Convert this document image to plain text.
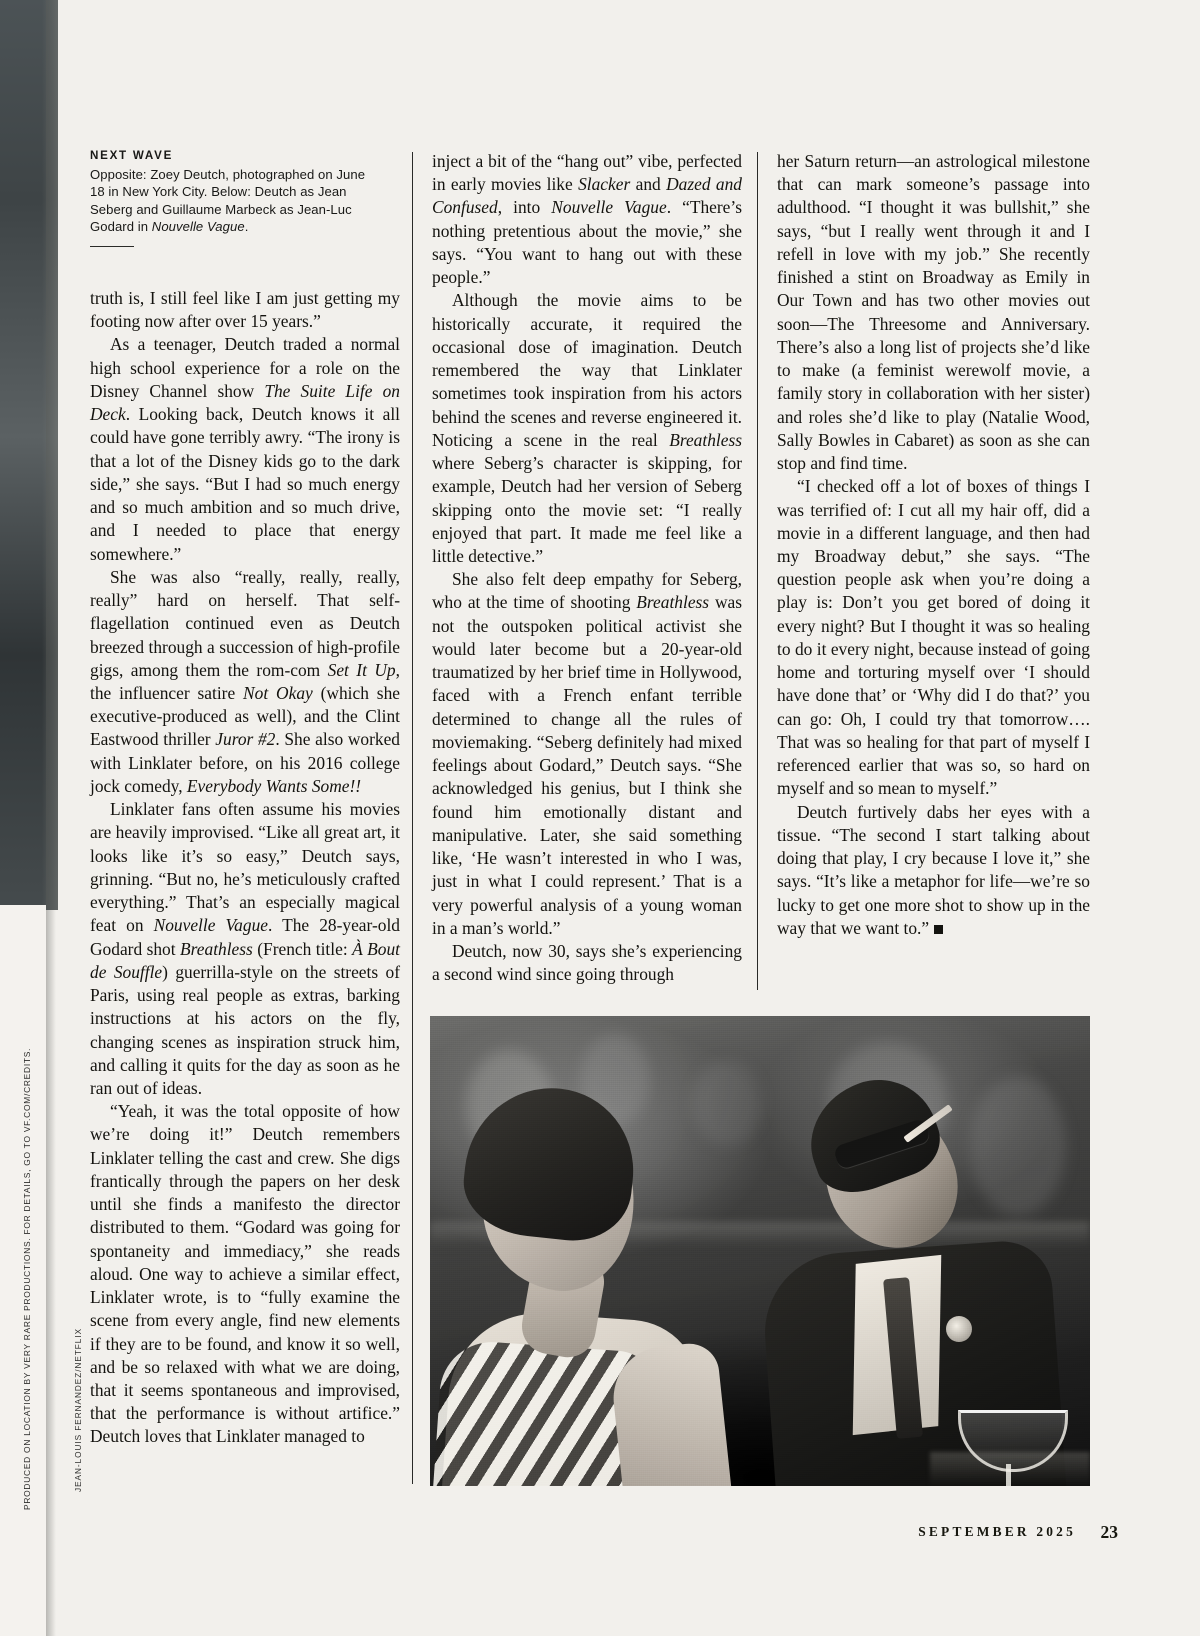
PRODUCED ON LOCATION BY VERY RARE PRODUCTIONS. FOR DETAILS, GO TO VF.COM/CREDITS.	JEAN-LOUIS FERNANDEZ/NETFLIX
NEXT WAVE
Opposite: Zoey Deutch, photographed on June 18 in New York City. Below: Deutch as Jean Seberg and Guillaume Marbeck as Jean-Luc Godard in Nouvelle Vague.

truth is, I still feel like I am just getting my footing now after over 15 years.”

As a teenager, Deutch traded a normal high school experience for a role on the Disney Channel show The Suite Life on Deck. Looking back, Deutch knows it all could have gone terribly awry. “The irony is that a lot of the Disney kids go to the dark side,” she says. “But I had so much energy and so much ambition and so much drive, and I needed to place that energy somewhere.”

She was also “really, really, really, really” hard on herself. That self-flagellation continued even as Deutch breezed through a succession of high-profile gigs, among them the rom-com Set It Up, the influencer satire Not Okay (which she executive-produced as well), and the Clint Eastwood thriller Juror #2. She also worked with Linklater before, on his 2016 college jock comedy, Everybody Wants Some!!

Linklater fans often assume his movies are heavily improvised. “Like all great art, it looks like it’s so easy,” Deutch says, grinning. “But no, he’s meticulously crafted everything.” That’s an especially magical feat on Nouvelle Vague. The 28-year-old Godard shot Breathless (French title: À Bout de Souffle) guerrilla-style on the streets of Paris, using real people as extras, barking instructions at his actors on the fly, changing scenes as inspiration struck him, and calling it quits for the day as soon as he ran out of ideas.

“Yeah, it was the total opposite of how we’re doing it!” Deutch remembers Linklater telling the cast and crew. She digs frantically through the papers on her desk until she finds a manifesto the director distributed to them. “Godard was going for spontaneity and immediacy,” she reads aloud. One way to achieve a similar effect, Linklater wrote, is to “fully examine the scene from every angle, find new elements if they are to be found, and know it so well, and be so relaxed with what we are doing, that it seems spontaneous and improvised, that the performance is without artifice.” Deutch loves that Linklater managed to

inject a bit of the “hang out” vibe, perfected in early movies like Slacker and Dazed and Confused, into Nouvelle Vague. “There’s nothing pretentious about the movie,” she says. “You want to hang out with these people.”

Although the movie aims to be historically accurate, it required the occasional dose of imagination. Deutch remembered the way that Linklater sometimes took inspiration from his actors behind the scenes and reverse engineered it. Noticing a scene in the real Breathless where Seberg’s character is skipping, for example, Deutch had her version of Seberg skipping onto the movie set: “I really enjoyed that part. It made me feel like a little detective.”

She also felt deep empathy for Seberg, who at the time of shooting Breathless was not the outspoken political activist she would later become but a 20-year-old traumatized by her brief time in Hollywood, faced with a French enfant terrible determined to change all the rules of moviemaking. “Seberg definitely had mixed feelings about Godard,” Deutch says. “She acknowledged his genius, but I think she found him emotionally distant and manipulative. Later, she said something like, ‘He wasn’t interested in who I was, just in what I could represent.’ That is a very powerful analysis of a young woman in a man’s world.”

Deutch, now 30, says she’s experiencing a second wind since going through

her Saturn return—an astrological milestone that can mark someone’s passage into adulthood. “I thought it was bullshit,” she says, “but I really went through it and I refell in love with my job.” She recently finished a stint on Broadway as Emily in Our Town and has two other movies out soon—The Threesome and Anniversary. There’s also a long list of projects she’d like to make (a feminist werewolf movie, a family story in collaboration with her sister) and roles she’d like to play (Natalie Wood, Sally Bowles in Cabaret) as soon as she can stop and find time.

“I checked off a lot of boxes of things I was terrified of: I cut all my hair off, did a movie in a different language, and then had my Broadway debut,” she says. “The question people ask when you’re doing a play is: Don’t you get bored of doing it every night? But I thought it was so healing to do it every night, because instead of going home and torturing myself over ‘I should have done that’ or ‘Why did I do that?’ you can go: Oh, I could try that tomorrow…. That was so healing for that part of myself I referenced earlier that was so, so hard on myself and so mean to myself.”

Deutch furtively dabs her eyes with a tissue. “The second I start talking about doing that play, I cry because I love it,” she says. “It’s like a metaphor for life—we’re so lucky to get one more shot to show up in the way that we want to.”

SEPTEMBER 2025 23
